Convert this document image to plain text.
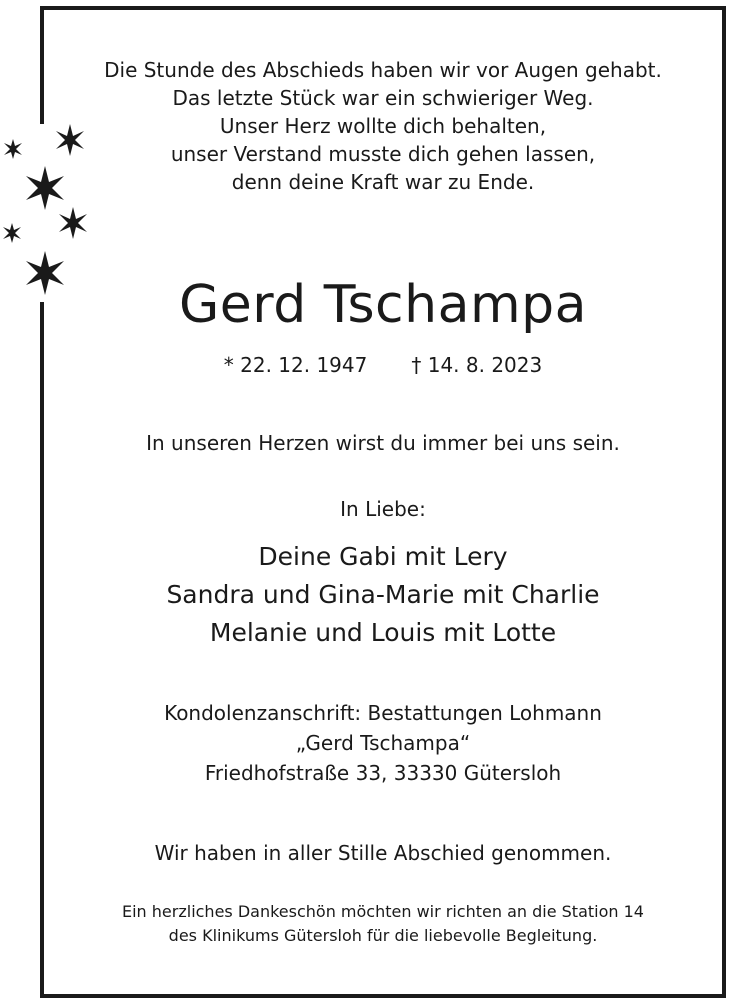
Die Stunde des Abschieds haben wir vor Augen gehabt.
Das letzte Stück war ein schwieriger Weg.
Unser Herz wollte dich behalten,
unser Verstand musste dich gehen lassen,
denn deine Kraft war zu Ende.
Gerd Tschampa
* 22. 12. 1947 † 14. 8. 2023
In unseren Herzen wirst du immer bei uns sein.
In Liebe:
Deine Gabi mit Lery
Sandra und Gina-Marie mit Charlie
Melanie und Louis mit Lotte
Kondolenzanschrift: Bestattungen Lohmann
„Gerd Tschampa“
Friedhofstraße 33, 33330 Gütersloh
Wir haben in aller Stille Abschied genommen.
Ein herzliches Dankeschön möchten wir richten an die Station 14
des Klinikums Gütersloh für die liebevolle Begleitung.
